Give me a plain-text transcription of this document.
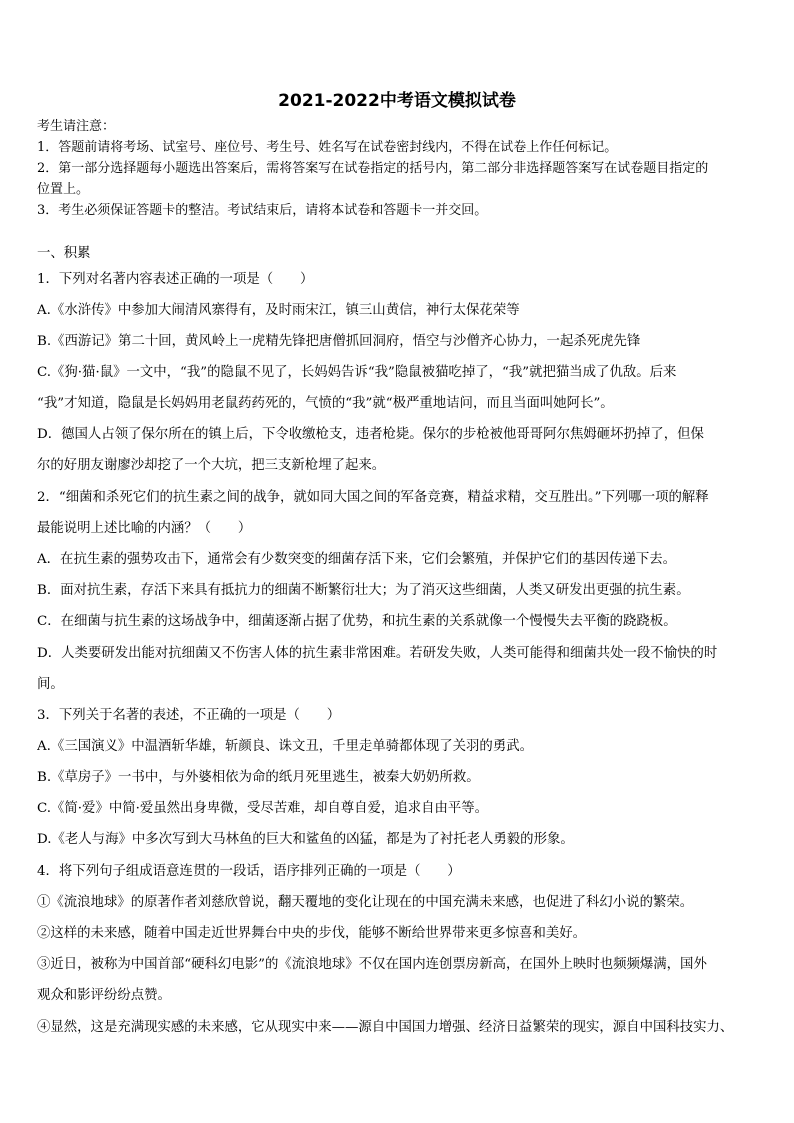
2021-2022中考语文模拟试卷
考生请注意：
1．答题前请将考场、试室号、座位号、考生号、姓名写在试卷密封线内，不得在试卷上作任何标记。
2．第一部分选择题每小题选出答案后，需将答案写在试卷指定的括号内，第二部分非选择题答案写在试卷题目指定的
位置上。
3．考生必须保证答题卡的整洁。考试结束后，请将本试卷和答题卡一并交回。
一、积累
1．下列对名著内容表述正确的一项是（　　）
A.《水浒传》中参加大闹清风寨得有，及时雨宋江，镇三山黄信，神行太保花荣等
B.《西游记》第二十回，黄风岭上一虎精先锋把唐僧抓回洞府，悟空与沙僧齐心协力，一起杀死虎先锋
C.《狗·猫·鼠》一文中，“我”的隐鼠不见了，长妈妈告诉“我”隐鼠被猫吃掉了，“我”就把猫当成了仇敌。后来
“我”才知道，隐鼠是长妈妈用老鼠药药死的，气愤的“我”就“极严重地诘问，而且当面叫她阿长”。
D．德国人占领了保尔所在的镇上后，下令收缴枪支，违者枪毙。保尔的步枪被他哥哥阿尔焦姆砸坏扔掉了，但保
尔的好朋友谢廖沙却挖了一个大坑，把三支新枪埋了起来。
2．“细菌和杀死它们的抗生素之间的战争，就如同大国之间的军备竞赛，精益求精，交互胜出。”下列哪一项的解释
最能说明上述比喻的内涵？（　　）
A．在抗生素的强势攻击下，通常会有少数突变的细菌存活下来，它们会繁殖，并保护它们的基因传递下去。
B．面对抗生素，存活下来具有抵抗力的细菌不断繁衍壮大；为了消灭这些细菌，人类又研发出更强的抗生素。
C．在细菌与抗生素的这场战争中，细菌逐渐占据了优势，和抗生素的关系就像一个慢慢失去平衡的跷跷板。
D．人类要研发出能对抗细菌又不伤害人体的抗生素非常困难。若研发失败，人类可能得和细菌共处一段不愉快的时
间。
3．下列关于名著的表述，不正确的一项是（　　）
A.《三国演义》中温酒斩华雄，斩颜良、诛文丑，千里走单骑都体现了关羽的勇武。
B.《草房子》一书中，与外婆相依为命的纸月死里逃生，被秦大奶奶所救。
C.《简·爱》中简·爱虽然出身卑微，受尽苦难，却自尊自爱，追求自由平等。
D.《老人与海》中多次写到大马林鱼的巨大和鲨鱼的凶猛，都是为了衬托老人勇毅的形象。
4．将下列句子组成语意连贯的一段话，语序排列正确的一项是（　　）
①《流浪地球》的原著作者刘慈欣曾说，翻天覆地的变化让现在的中国充满未来感，也促进了科幻小说的繁荣。
②这样的未来感，随着中国走近世界舞台中央的步伐，能够不断给世界带来更多惊喜和美好。
③近日，被称为中国首部“硬科幻电影”的《流浪地球》不仅在国内连创票房新高，在国外上映时也频频爆满，国外
观众和影评纷纷点赞。
④显然，这是充满现实感的未来感，它从现实中来——源自中国国力增强、经济日益繁荣的现实，源自中国科技实力、
